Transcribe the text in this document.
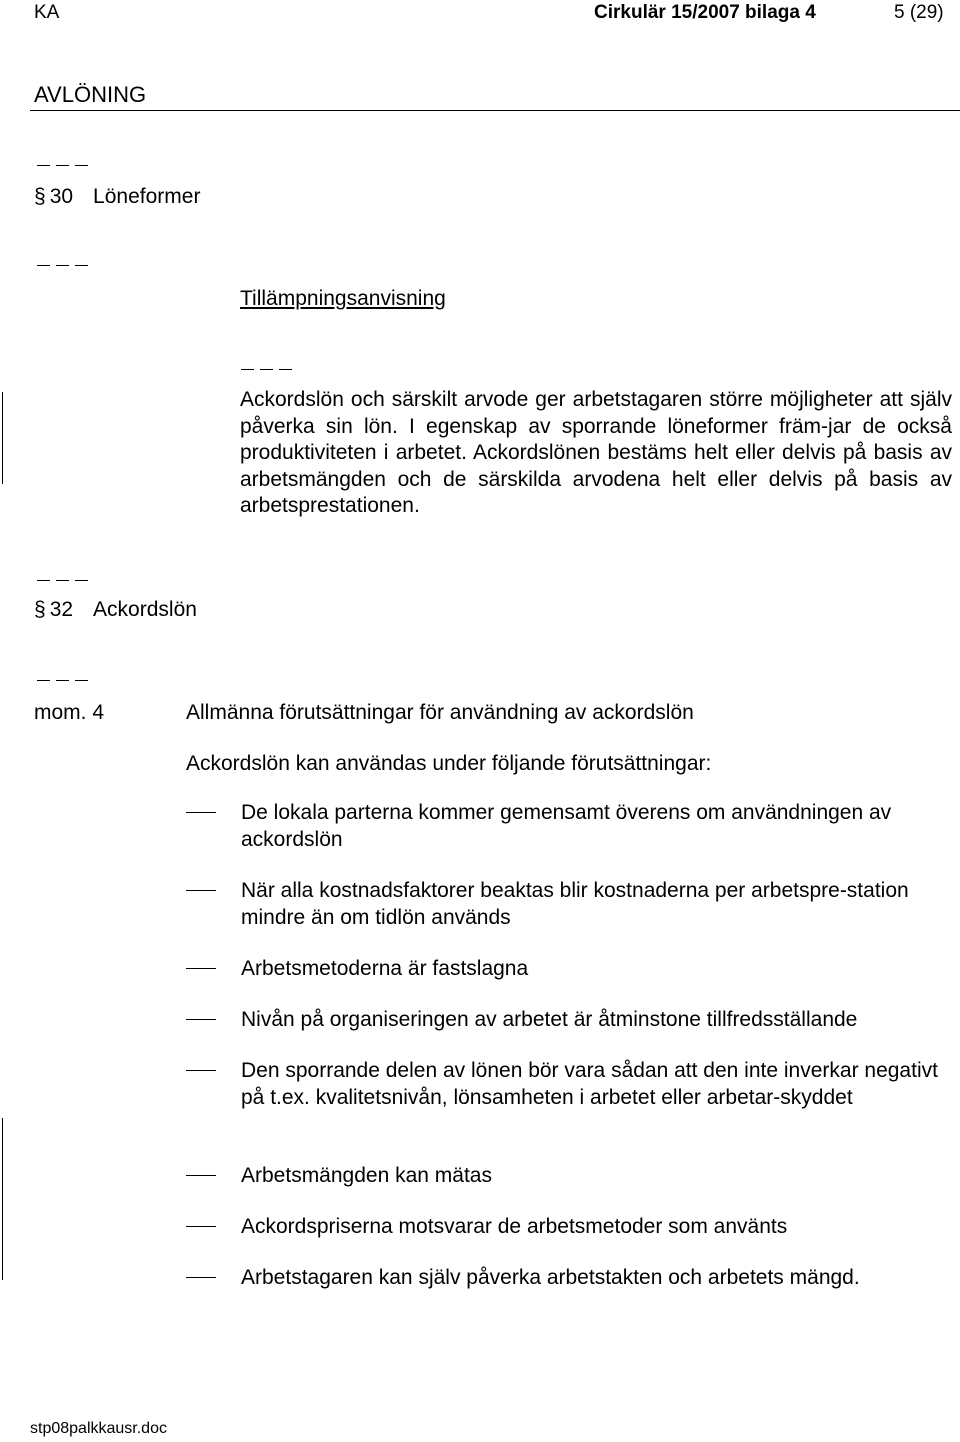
KA	Cirkulär 15/2007 bilaga 4	5 (29)
AVLÖNING
§ 30 Löneformer
Tillämpningsanvisning
Ackordslön och särskilt arvode ger arbetstagaren större möjligheter att själv påverka sin lön. I egenskap av sporrande löneformer främ-jar de också produktiviteten i arbetet. Ackordslönen bestäms helt eller delvis på basis av arbetsmängden och de särskilda arvodena helt eller delvis på basis av arbetsprestationen.
§ 32 Ackordslön
mom. 4	Allmänna förutsättningar för användning av ackordslön
Ackordslön kan användas under följande förutsättningar:
De lokala parterna kommer gemensamt överens om användningen av ackordslön
När alla kostnadsfaktorer beaktas blir kostnaderna per arbetspre-station mindre än om tidlön används
Arbetsmetoderna är fastslagna
Nivån på organiseringen av arbetet är åtminstone tillfredsställande
Den sporrande delen av lönen bör vara sådan att den inte inverkar negativt på t.ex. kvalitetsnivån, lönsamheten i arbetet eller arbetar-skyddet
Arbetsmängden kan mätas
Ackordspriserna motsvarar de arbetsmetoder som använts
Arbetstagaren kan själv påverka arbetstakten och arbetets mängd.
stp08palkkausr.doc
